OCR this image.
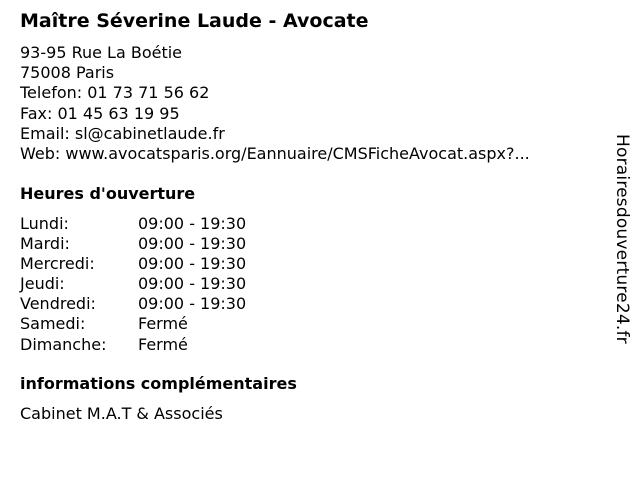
Maître Séverine Laude - Avocate
93-95 Rue La Boétie
75008 Paris
Telefon: 01 73 71 56 62
Fax: 01 45 63 19 95
Email: sl@cabinetlaude.fr
Web: www.avocatsparis.org/Eannuaire/CMSFicheAvocat.aspx?...
Heures d'ouverture
Lundi:	09:00 - 19:30
Mardi:	09:00 - 19:30
Mercredi:	09:00 - 19:30
Jeudi:	09:00 - 19:30
Vendredi:	09:00 - 19:30
Samedi:	Fermé
Dimanche: Fermé
informations complémentaires
Cabinet M.A.T & Associés
Horairesdouverture24.fr
